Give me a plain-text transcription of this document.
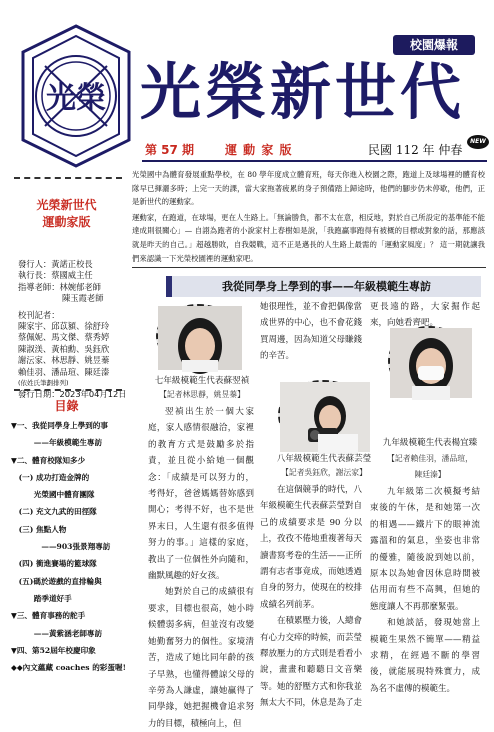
校園爆報
光榮 光榮新世代
第 57 期	運 動 家 版	民國 112 年 仲春
NEW

光榮國中為體育發展重點學校，在 80 學年度成立體育班，每天你進入校園之際，跑道上及球場裡的體育校隊早已揮灑多時；上完一天的課，當大家拖著疲累的身子預備踏上歸途時，他們的腳步仍未停歇，他們，正是新世代的運動家。

運動家，在跑道，在球場，更在人生路上。「無論勝負，都不太在意，相反地，對於自己所設定的基準能不能達成則很關心」— 自詡為跑者的小說家村上春樹如是說，「我跑贏事跑得有被概的目標或對象的話，那應該就是昨天的自己。」超越勝敗，自我競戰，這不正是邁長的人生路上最需的「運動家風度」？ 這一期就讓我們來認識一下光榮校園裡的運動家吧。

光榮新世代
運動家版
發行人：黃諾正校長
執行長：蔡國威主任
指導老師：林婉郁老師
陳玉霞老師
校刊記者：
陳家宇、邱苡潁、徐舒玲
蔡佩妮、馬文傑、蔡秀婷
陳淑渼、黃柏勳、吳鈺欣
謝沄家、林思靜、姚昱蓁
賴佳羽、潘品瑄、陳廷溱
(依姓氏筆劃排列)
發行日期：2023年04月12日
目錄
▼一、我從同學身上學到的事
　　　——年級模範生專訪
▼二、體育校隊知多少
　(一) 成功打造金牌的
　　　光榮國中體育團隊
　(二) 充文九武的田徑隊
　(三) 焦點人物
　　　　——903張景翔專訪
　(四) 衝進賽場的籃球隊
　(五)碼於遊戲的直排輪與
　　　踏季道好手
▼三、體育事務的舵手
　　　——黃紫涵老師專訪
▼四、第52屆年校慶印象
◆◆內文蘊藏 coaches 的彩蛋喔!
我從同學身上學到的事——年級模範生專訪
七年級模範生代表蘇翌禎
【記者林思靜，姚昱蓁】
八年級模範生代表蘇芸瑩
【記者吳鈺欣，謝沄家】
九年級模範生代表楊宜臻
【記者賴佳羽，潘品瑄，
陳廷溱】

翌禎出生於一個大家庭，家人感情很融洽，家裡的教育方式是鼓勵多於指責，並且從小給她一個觀念：「成績是可以努力的，考得好，爸爸媽媽替妳感到開心；考得不好，也不是世界末日，人生還有很多值得努力的事。」這樣的家庭，教出了一位個性外向隨和，幽默風趣的好女孩。

她對於自己的成績很有要求，目標也很高，她小時候體弱多病，但並沒有改變她勤奮努力的個性。家境清苦，造成了她比同年齡的孩子早熟，也懂得體諒父母的辛勞為人謙虛，讓她贏得了同學緣，她把握機會追求努力的目標，積極向上，但

她很理性，並不會把偶像當成世界的中心，也不會花錢買周邊，因為知道父母賺錢的辛苦。

在這個競爭的時代，八年級模範生代表蘇芸瑩對自己的成績要求是 90 分以上，孜孜不倦地重複著每天讀書寫考卷的生活——正所謂有志者事竟成，而她透過自身的努力，使現在的校排成績名列前茅。

在積累壓力後，人總會有心力交瘁的時候，而芸瑩釋放壓力的方式則是看看小說，畫畫和聽聽日文音樂等。她的舒壓方式和你我並無太大不同，休息是為了走

更長遠的路，大家掘作起來，向她看齊吧。

九年級第二次模擬考結束後的午休，是和她第一次的相遇——鐵片下的眼神流露溫和的氣息，坐姿也非常的優雅，隨後說到她以前，原本以為她會因休息時間被佔用而有些不高興，但她的態度讓人不再那麼緊張。

和她談話，發現她當上模範生果然不簡單——精益求精，在經過不斷的學習後，就能展現特殊實力，成為名不虛傳的模範生。
